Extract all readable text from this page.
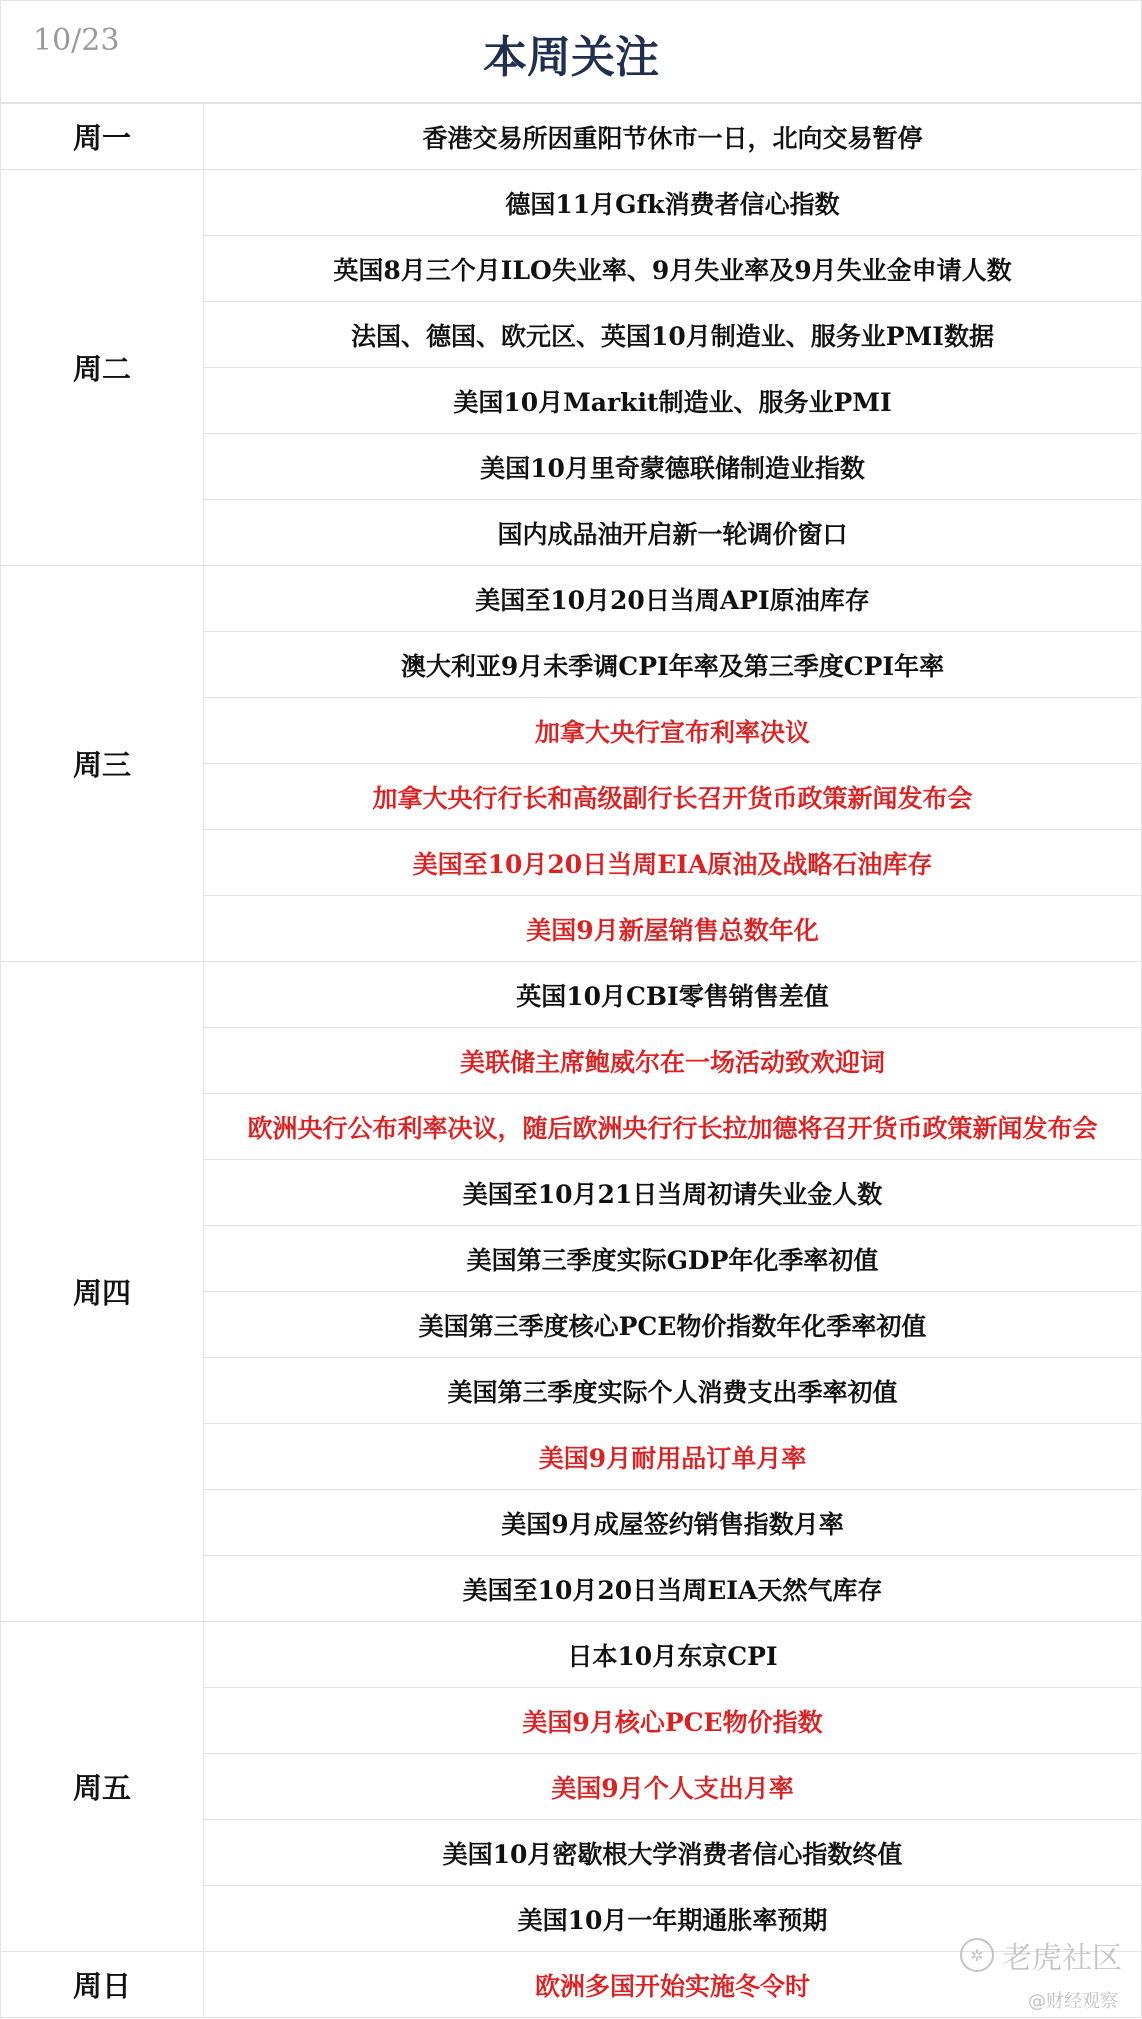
10/23	本周关注
周一	香港交易所因重阳节休市一日，北向交易暂停
周二	德国11月Gfk消费者信心指数
	英国8月三个月ILO失业率、9月失业率及9月失业金申请人数
	法国、德国、欧元区、英国10月制造业、服务业PMI数据
	美国10月Markit制造业、服务业PMI
	美国10月里奇蒙德联储制造业指数
	国内成品油开启新一轮调价窗口
周三	美国至10月20日当周API原油库存
	澳大利亚9月未季调CPI年率及第三季度CPI年率
	加拿大央行宣布利率决议
	加拿大央行行长和高级副行长召开货币政策新闻发布会
	美国至10月20日当周EIA原油及战略石油库存
	美国9月新屋销售总数年化
周四	英国10月CBI零售销售差值
	美联储主席鲍威尔在一场活动致欢迎词
	欧洲央行公布利率决议，随后欧洲央行行长拉加德将召开货币政策新闻发布会
	美国至10月21日当周初请失业金人数
	美国第三季度实际GDP年化季率初值
	美国第三季度核心PCE物价指数年化季率初值
	美国第三季度实际个人消费支出季率初值
	美国9月耐用品订单月率
	美国9月成屋签约销售指数月率
	美国至10月20日当周EIA天然气库存
周五	日本10月东京CPI
	美国9月核心PCE物价指数
	美国9月个人支出月率
	美国10月密歇根大学消费者信心指数终值
	美国10月一年期通胀率预期
周日	欧洲多国开始实施冬令时
✲ 老虎社区
@财经观察
